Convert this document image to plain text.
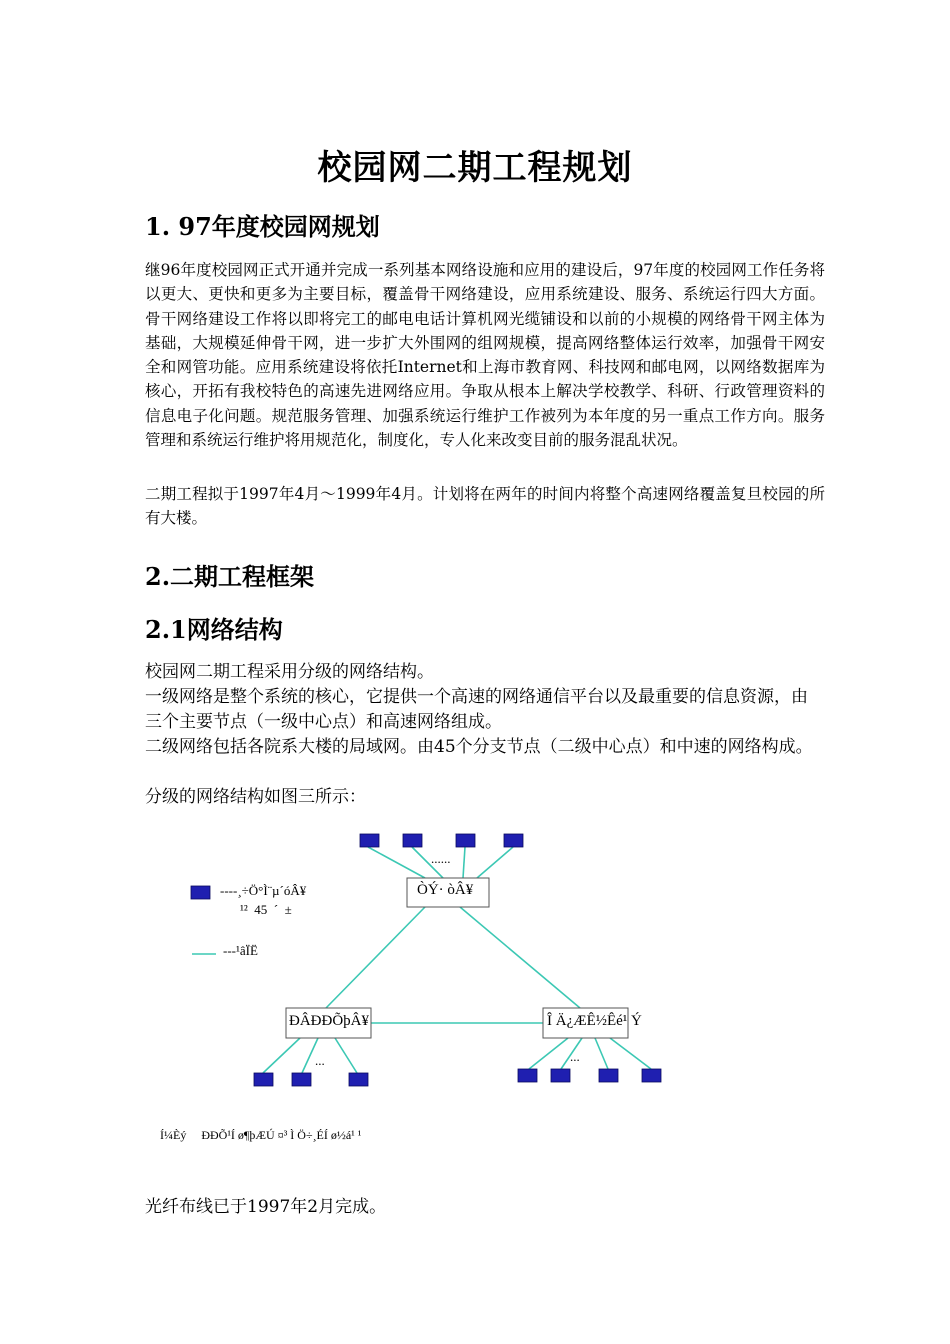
校园网二期工程规划
1. 97年度校园网规划

继96年度校园网正式开通并完成一系列基本网络设施和应用的建设后，97年度的校园网工作任务将以更大、更快和更多为主要目标，覆盖骨干网络建设，应用系统建设、服务、系统运行四大方面。骨干网络建设工作将以即将完工的邮电电话计算机网光缆铺设和以前的小规模的网络骨干网主体为基础，大规模延伸骨干网，进一步扩大外围网的组网规模，提高网络整体运行效率，加强骨干网安全和网管功能。应用系统建设将依托Internet和上海市教育网、科技网和邮电网，以网络数据库为核心，开拓有我校特色的高速先进网络应用。争取从根本上解决学校教学、科研、行政管理资料的信息电子化问题。规范服务管理、加强系统运行维护工作被列为本年度的另一重点工作方向。服务管理和系统运行维护将用规范化，制度化，专人化来改变目前的服务混乱状况。

二期工程拟于1997年4月～1999年4月。计划将在两年的时间内将整个高速网络覆盖复旦校园的所有大楼。

2.二期工程框架
2.1网络结构

校园网二期工程采用分级的网络结构。

一级网络是整个系统的核心，它提供一个高速的网络通信平台以及最重要的信息资源，由三个主要节点（一级中心点）和高速网络组成。

二级网络包括各院系大楼的局域网。由45个分支节点（二级中心点）和中速的网络构成。

分级的网络结构如图三所示：

----¸÷Ö°Ì¨µ´óÂ¥
¹²  45  ´  ±
---¹âÏË
......
...	...
ÒÝ· òÂ¥
ÐÂÐÐÕþÂ¥	Î Ä¿ÆÊ½Êé¹ Ý
Í¼Èý     ÐÐÕ¹Í ø¶þÆÚ ¤³ Ì Ö÷¸ÉÍ ø½á¹ ¹

光纤布线已于1997年2月完成。
